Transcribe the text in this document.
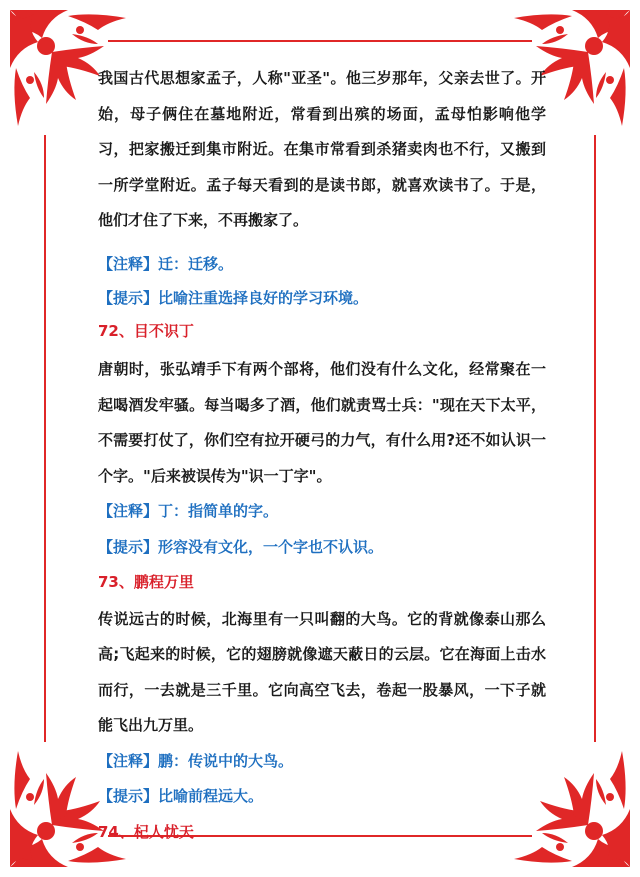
我国古代思想家孟子，人称"亚圣"。他三岁那年，父亲去世了。开始，母子俩住在墓地附近，常看到出殡的场面，孟母怕影响他学习，把家搬迁到集市附近。在集市常看到杀猪卖肉也不行，又搬到一所学堂附近。孟子每天看到的是读书郎，就喜欢读书了。于是，他们才住了下来，不再搬家了。

【注释】迁：迁移。

【提示】比喻注重选择良好的学习环境。

72、目不识丁

唐朝时，张弘靖手下有两个部将，他们没有什么文化，经常聚在一起喝酒发牢骚。每当喝多了酒，他们就责骂士兵："现在天下太平，不需要打仗了，你们空有拉开硬弓的力气，有什么用?还不如认识一个字。"后来被误传为"识一丁字"。

【注释】丁：指简单的字。

【提示】形容没有文化，一个字也不认识。

73、鹏程万里

传说远古的时候，北海里有一只叫翻的大鸟。它的背就像泰山那么高;飞起来的时候，它的翅膀就像遮天蔽日的云层。它在海面上击水而行，一去就是三千里。它向高空飞去，卷起一股暴风，一下子就能飞出九万里。

【注释】鹏：传说中的大鸟。

【提示】比喻前程远大。

74、杞人忧天
